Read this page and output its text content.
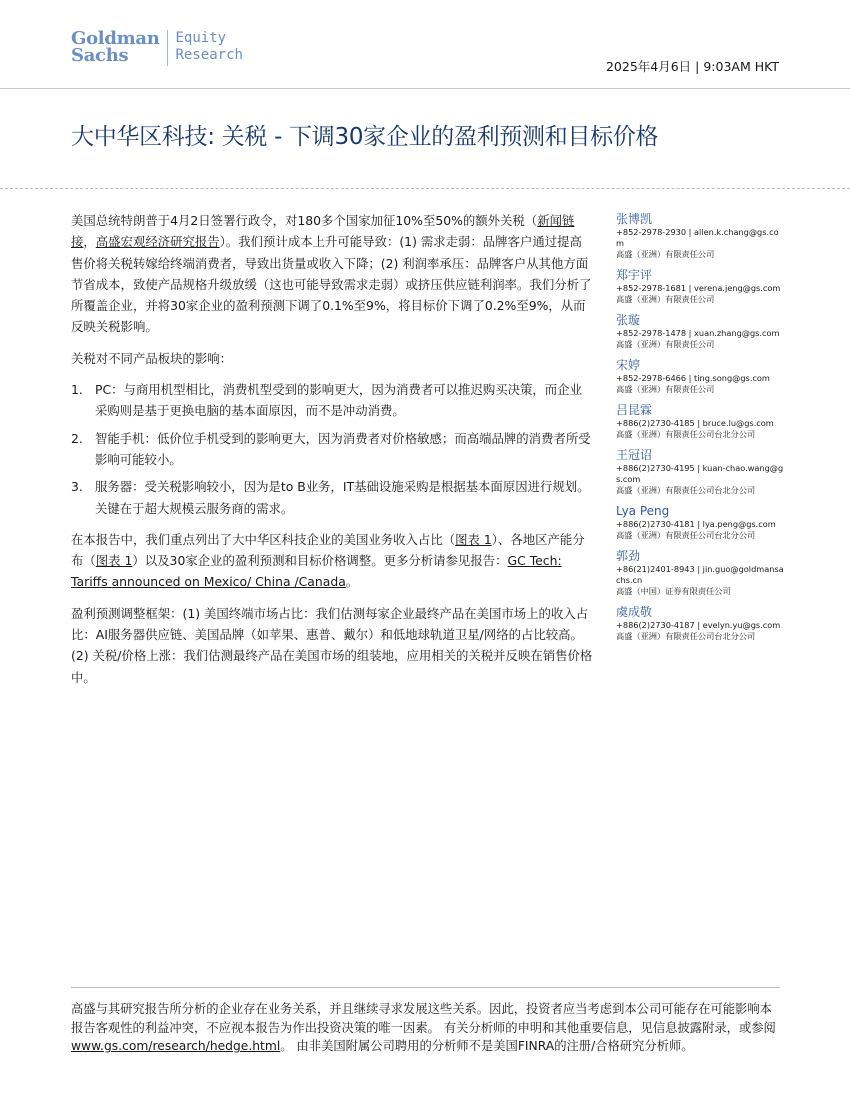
Goldman
Sachs
Equity
Research
2025年4月6日 | 9:03AM HKT
大中华区科技: 关税 - 下调30家企业的盈利预测和目标价格

美国总统特朗普于4月2日签署行政令，对180多个国家加征10%至50%的额外关税（新闻链接，高盛宏观经济研究报告）。我们预计成本上升可能导致：(1) 需求走弱：品牌客户通过提高售价将关税转嫁给终端消费者，导致出货量或收入下降；(2) 利润率承压：品牌客户从其他方面节省成本，致使产品规格升级放缓（这也可能导致需求走弱）或挤压供应链利润率。我们分析了所覆盖企业，并将30家企业的盈利预测下调了0.1%至9%，将目标价下调了0.2%至9%，从而反映关税影响。

关税对不同产品板块的影响：

1. PC：与商用机型相比，消费机型受到的影响更大，因为消费者可以推迟购买决策，而企业采购则是基于更换电脑的基本面原因，而不是冲动消费。
2. 智能手机：低价位手机受到的影响更大，因为消费者对价格敏感；而高端品牌的消费者所受影响可能较小。
3. 服务器：受关税影响较小，因为是to B业务，IT基础设施采购是根据基本面原因进行规划。关键在于超大规模云服务商的需求。

在本报告中，我们重点列出了大中华区科技企业的美国业务收入占比（图表 1）、各地区产能分布（图表 1）以及30家企业的盈利预测和目标价格调整。更多分析请参见报告：GC Tech: Tariffs announced on Mexico/ China /Canada。

盈利预测调整框架：(1) 美国终端市场占比：我们估测每家企业最终产品在美国市场上的收入占比：AI服务器供应链、美国品牌（如苹果、惠普、戴尔）和低地球轨道卫星/网络的占比较高。(2) 关税/价格上涨：我们估测最终产品在美国市场的组装地，应用相关的关税并反映在销售价格中。

张博凯
+852-2978-2930 | allen.k.chang@gs.com
高盛（亚洲）有限责任公司
郑宇评
+852-2978-1681 | verena.jeng@gs.com
高盛（亚洲）有限责任公司
张璇
+852-2978-1478 | xuan.zhang@gs.com
高盛（亚洲）有限责任公司
宋婷
+852-2978-6466 | ting.song@gs.com
高盛（亚洲）有限责任公司
吕昆霖
+886(2)2730-4185 | bruce.lu@gs.com
高盛（亚洲）有限责任公司台北分公司
王冠诏
+886(2)2730-4195 | kuan-chao.wang@gs.com
高盛（亚洲）有限责任公司台北分公司
Lya Peng
+886(2)2730-4181 | lya.peng@gs.com
高盛（亚洲）有限责任公司台北分公司
郭劲
+86(21)2401-8943 | jin.guo@goldmansachs.cn
高盛（中国）证券有限责任公司
虞成敬
+886(2)2730-4187 | evelyn.yu@gs.com
高盛（亚洲）有限责任公司台北分公司

高盛与其研究报告所分析的企业存在业务关系，并且继续寻求发展这些关系。因此，投资者应当考虑到本公司可能存在可能影响本报告客观性的利益冲突，不应视本报告为作出投资决策的唯一因素。 有关分析师的申明和其他重要信息，见信息披露附录，或参阅www.gs.com/research/hedge.html。 由非美国附属公司聘用的分析师不是美国FINRA的注册/合格研究分析师。
